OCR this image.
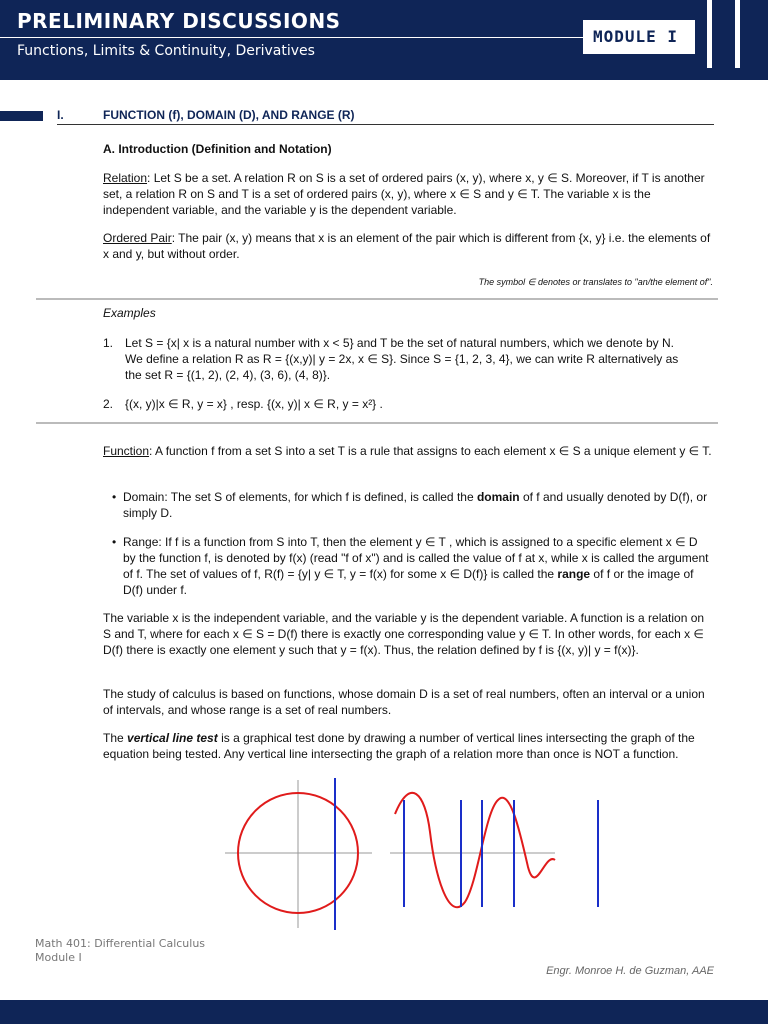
PRELIMINARY DISCUSSIONS
Functions, Limits & Continuity, Derivatives
MODULE I
I.	FUNCTION (f), DOMAIN (D), AND RANGE (R)
A. Introduction (Definition and Notation)
Relation: Let S be a set. A relation R on S is a set of ordered pairs (x, y), where x, y ∈ S. Moreover, if T is another set, a relation R on S and T is a set of ordered pairs (x, y), where x ∈ S and y ∈ T. The variable x is the independent variable, and the variable y is the dependent variable.
Ordered Pair: The pair (x, y) means that x is an element of the pair which is different from {x, y} i.e. the elements of x and y, but without order.
The symbol ∈ denotes or translates to "an/the element of".
Examples
1. Let S = {x| x is a natural number with x < 5} and T be the set of natural numbers, which we denote by N.
We define a relation R as R = {(x,y)| y = 2x, x ∈ S}. Since S = {1, 2, 3, 4}, we can write R alternatively as
the set R = {(1, 2), (2, 4), (3, 6), (4, 8)}.
2. {(x, y)|x ∈ R, y = x} , resp. {(x, y)| x ∈ R, y = x²} .
Function: A function f from a set S into a set T is a rule that assigns to each element x ∈ S a unique element y ∈ T.
• Domain: The set S of elements, for which f is defined, is called the domain of f and usually denoted by D(f), or simply D.
• Range: If f is a function from S into T, then the element y ∈ T , which is assigned to a specific element x ∈ D by the function f, is denoted by f(x) (read "f of x") and is called the value of f at x, while x is called the argument of f. The set of values of f, R(f) = {y| y ∈ T, y = f(x) for some x ∈ D(f)} is called the range of f or the image of D(f) under f.
The variable x is the independent variable, and the variable y is the dependent variable. A function is a relation on S and T, where for each x ∈ S = D(f) there is exactly one corresponding value y ∈ T. In other words, for each x ∈ D(f) there is exactly one element y such that y = f(x). Thus, the relation defined by f is {(x, y)| y = f(x)}.
The study of calculus is based on functions, whose domain D is a set of real numbers, often an interval or a union of intervals, and whose range is a set of real numbers.
The vertical line test is a graphical test done by drawing a number of vertical lines intersecting the graph of the equation being tested. Any vertical line intersecting the graph of a relation more than once is NOT a function.
Math 401: Differential Calculus
Module I
Engr. Monroe H. de Guzman, AAE
